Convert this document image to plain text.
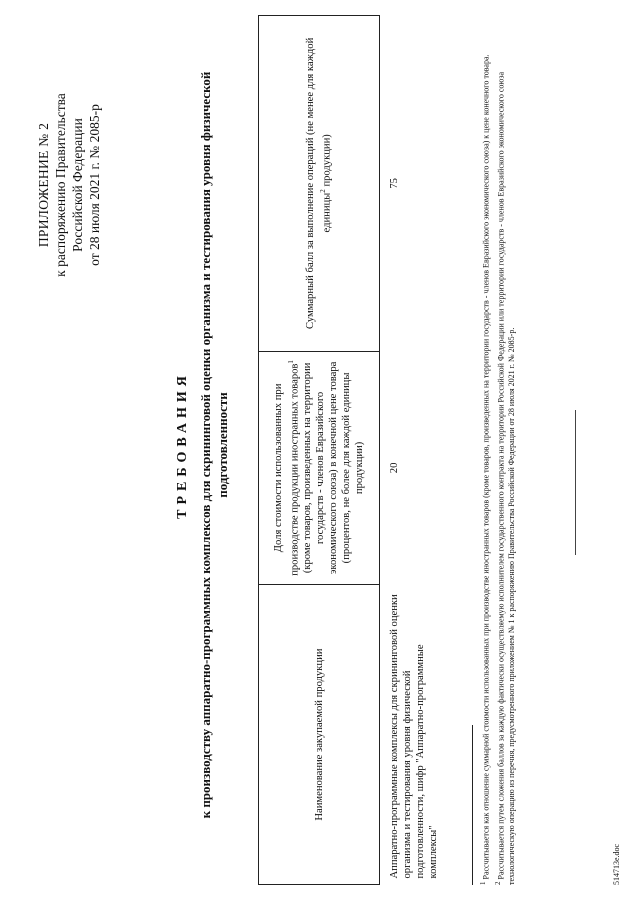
ПРИЛОЖЕНИЕ № 2 к распоряжению Правительства Российской Федерации от 28 июля 2021 г. № 2085-р
ТРЕБОВАНИЯ к производству аппаратно-программных комплексов для скрининговой оценки организма и тестирования уровня физической подготовленности
Наименование закупаемой продукции	Доля стоимости использованных при производстве продукции иностранных товаров$^1$ (кроме товаров, произведенных на территории государств - членов Евразийского экономического союза) в конечной цене товара (процентов, не более для каждой единицы продукции)	Суммарный балл за выполнение операций (не менее для каждой единицы$^2$ продукции)
Аппаратно-программные комплексы для скрининговой оценки организма и тестирования уровня физической подготовленности, шифр "Аппаратно-программные комплексы"	20	75

$^1$ Рассчитывается как отношение суммарной стоимости использованных при производстве иностранных товаров (кроме товаров, произведенных на территории государств - членов Евразийского экономического союза) к цене конечного товара.

$^2$ Рассчитывается путем сложения баллов за каждую фактически осуществляемую исполнителем государственного контракта на территории Российской Федерации или территории государств - членов Евразийского экономического союза технологическую операцию из перечня, предусмотренного приложением № 1 к распоряжению Правительства Российской Федерации от 28 июля 2021 г. № 2085-р.	514713e.doc
